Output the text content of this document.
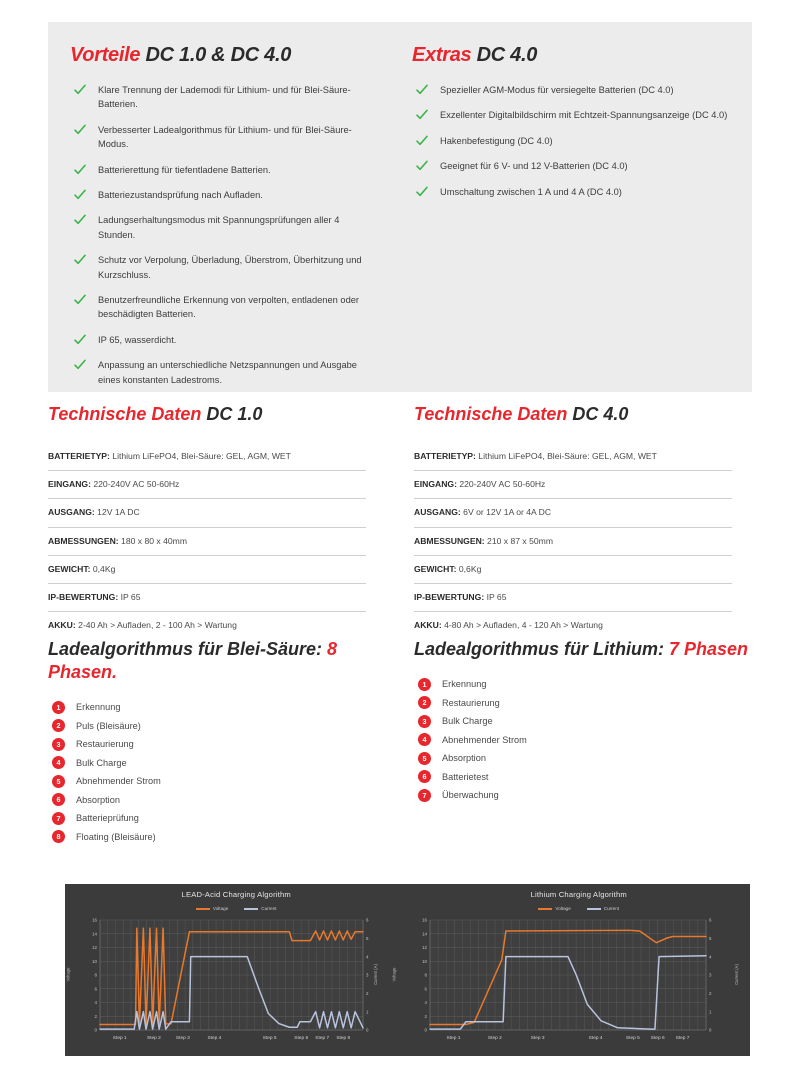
Vorteile DC 1.0 & DC 4.0
Klare Trennung der Lademodi für Lithium- und für Blei-Säure-Batterien.
Verbesserter Ladealgorithmus für Lithium- und für Blei-Säure-Modus.
Batterierettung für tiefentladene Batterien.
Batteriezustandsprüfung nach Aufladen.
Ladungserhaltungsmodus mit Spannungsprüfungen aller 4 Stunden.
Schutz vor Verpolung, Überladung, Überstrom, Überhitzung und Kurzschluss.
Benutzerfreundliche Erkennung von verpolten, entladenen oder beschädigten Batterien.
IP 65, wasserdicht.
Anpassung an unterschiedliche Netzspannungen und Ausgabe eines konstanten Ladestroms.
Extras DC 4.0
Spezieller AGM-Modus für versiegelte Batterien (DC 4.0)
Exzellenter Digitalbildschirm mit Echtzeit-Spannungsanzeige (DC 4.0)
Hakenbefestigung (DC 4.0)
Geeignet für 6 V- und 12 V-Batterien (DC 4.0)
Umschaltung zwischen 1 A und 4 A (DC 4.0)
Technische Daten DC 1.0
BATTERIETYP: Lithium LiFePO4, Blei-Säure: GEL, AGM, WET
EINGANG: 220-240V AC 50-60Hz
AUSGANG: 12V 1A DC
ABMESSUNGEN: 180 x 80 x 40mm
GEWICHT: 0,4Kg
IP-BEWERTUNG: IP 65
AKKU: 2-40 Ah > Aufladen, 2 - 100 Ah > Wartung
Technische Daten DC 4.0
BATTERIETYP: Lithium LiFePO4, Blei-Säure: GEL, AGM, WET
EINGANG: 220-240V AC 50-60Hz
AUSGANG: 6V or 12V 1A or 4A DC
ABMESSUNGEN: 210 x 87 x 50mm
GEWICHT: 0,6Kg
IP-BEWERTUNG: IP 65
AKKU: 4-80 Ah > Aufladen, 4 - 120 Ah > Wartung
Ladealgorithmus für Blei-Säure: 8 Phasen.
1	Erkennung
2	Puls (Bleisäure)
3	Restaurierung
4	Bulk Charge
5	Abnehmender Strom
6	Absorption
7	Batterieprüfung
8	Floating (Bleisäure)
Ladealgorithmus für Lithium: 7 Phasen
1	Erkennung
2	Restaurierung
3	Bulk Charge
4	Abnehmender Strom
5	Absorption
6	Batterietest
7	Überwachung
LEAD-Acid Charging Algorithm
Voltage	Current
0
2
4
6
8
10
12
14
16
0
1
2
3
4
5
6
Step 1	Step 2	Step 3	Step 4	Step 5	Step 6 Step 7 Step 8
Voltage	Current (A)	Voltage
Lithium Charging Algorithm
Voltage	Current
0
2
4
6
8
10
12
14
16
0
1
2
3
4
5
6
Step 1	Step 2	Step 3	Step 4	Step 5 Step 6 Step 7
Current (A)
